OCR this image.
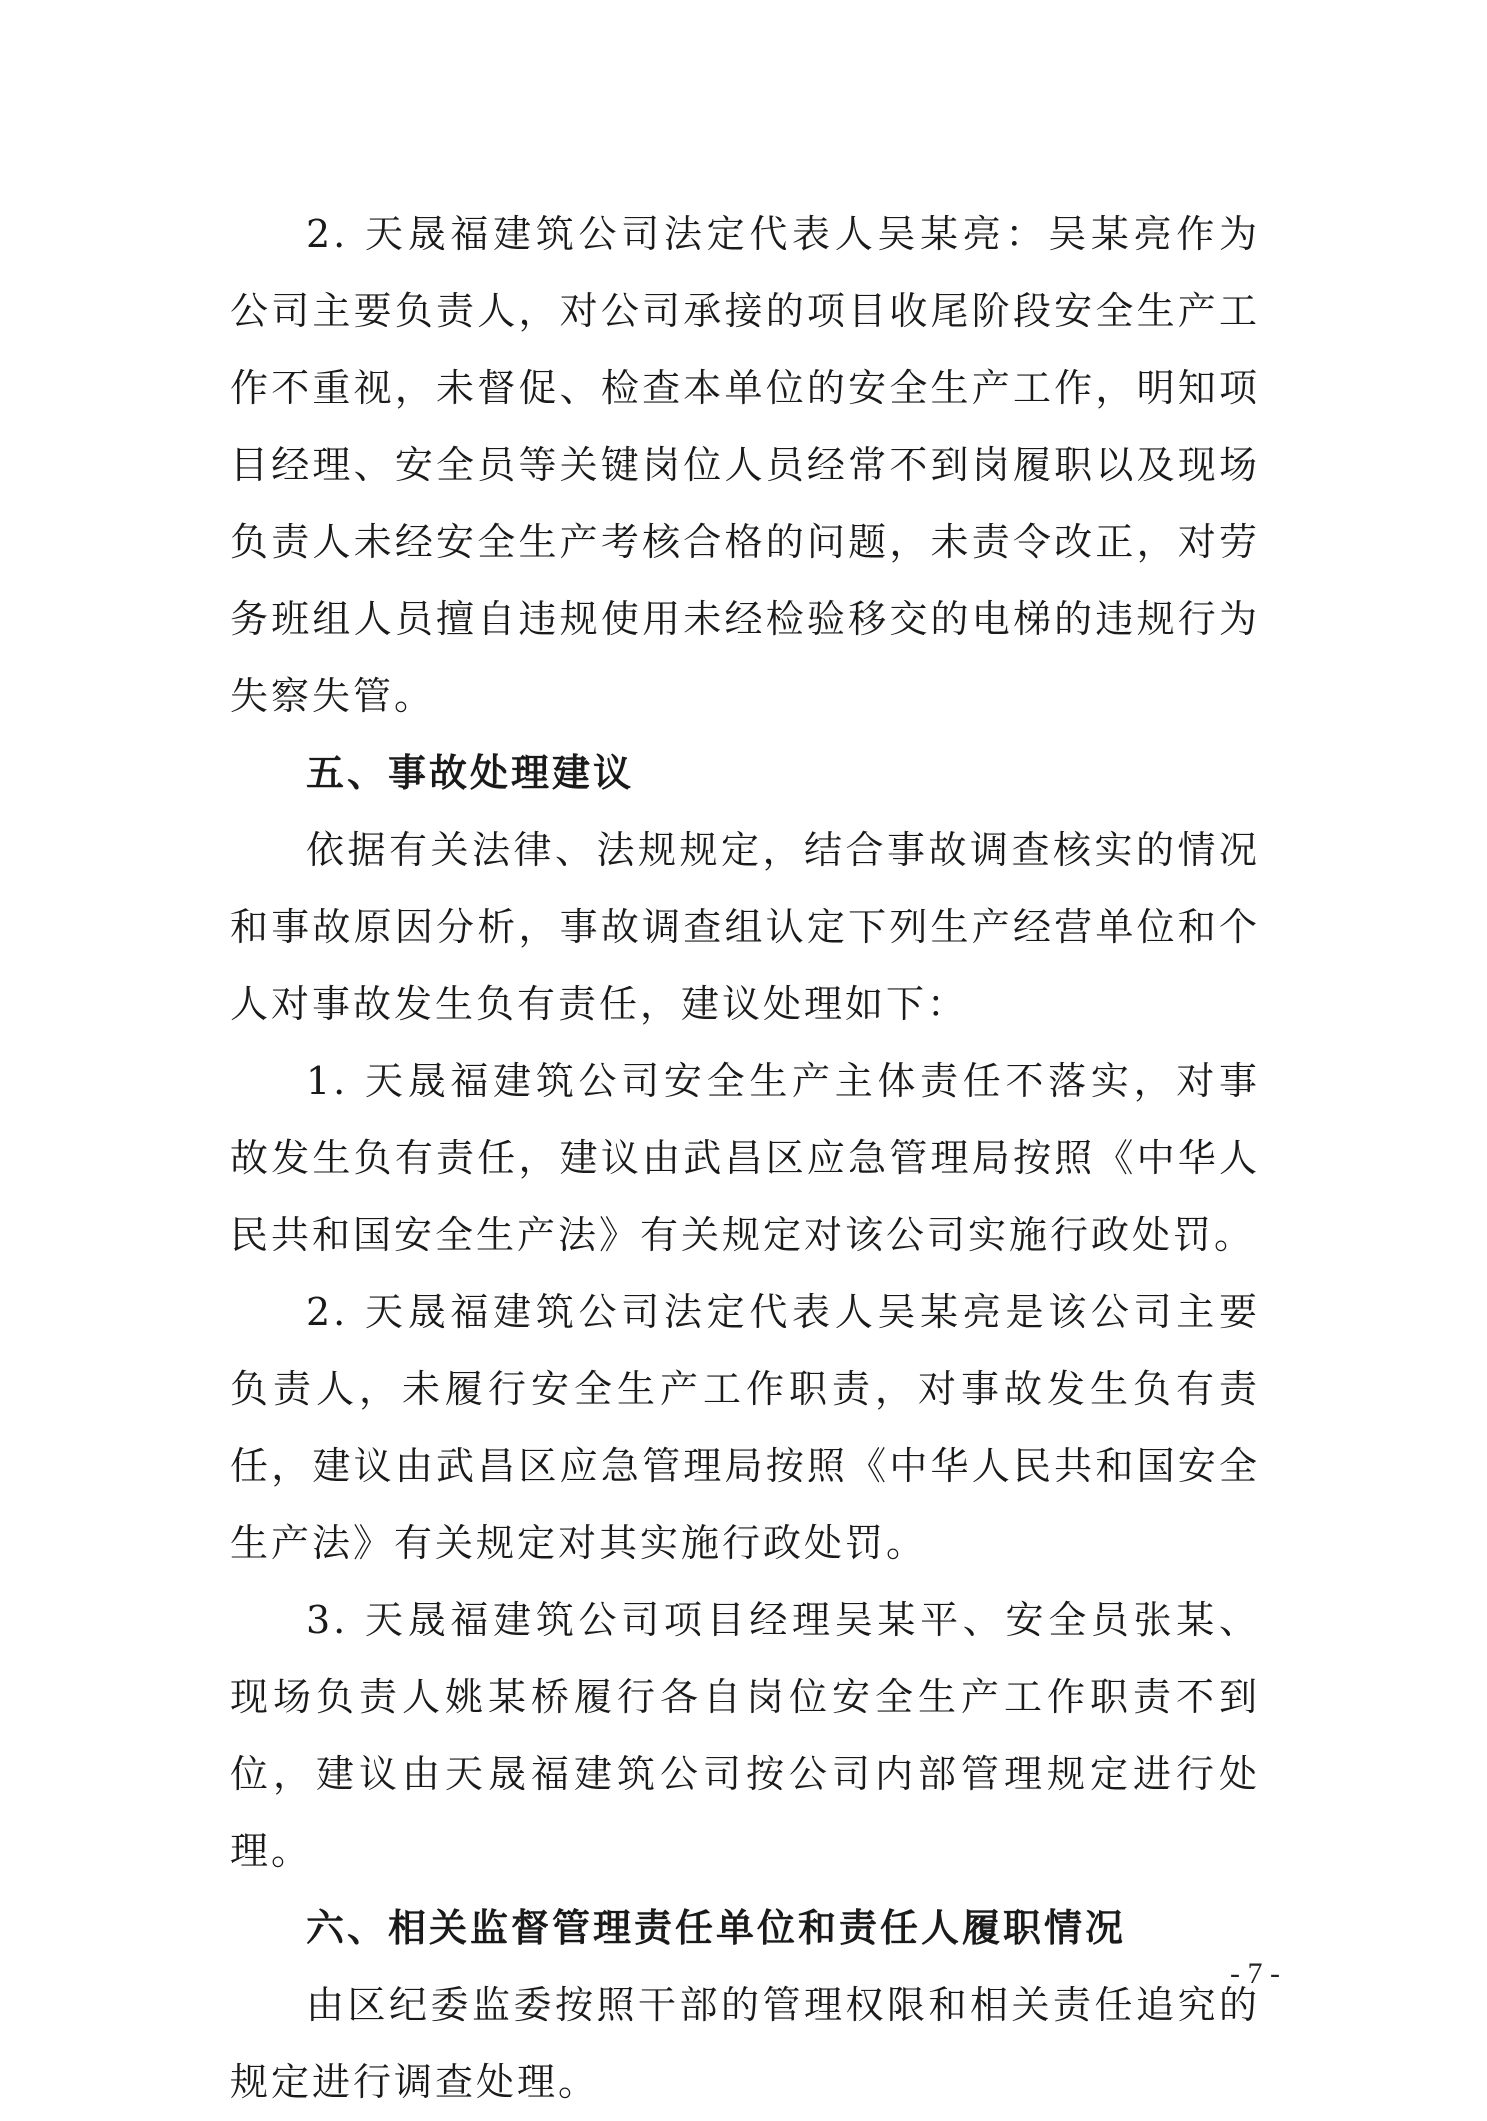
2. 天晟福建筑公司法定代表人吴某亮：吴某亮作为公司主要负责人，对公司承接的项目收尾阶段安全生产工作不重视，未督促、检查本单位的安全生产工作，明知项目经理、安全员等关键岗位人员经常不到岗履职以及现场负责人未经安全生产考核合格的问题，未责令改正，对劳务班组人员擅自违规使用未经检验移交的电梯的违规行为失察失管。

五、事故处理建议

依据有关法律、法规规定，结合事故调查核实的情况和事故原因分析，事故调查组认定下列生产经营单位和个人对事故发生负有责任，建议处理如下：

1. 天晟福建筑公司安全生产主体责任不落实，对事故发生负有责任，建议由武昌区应急管理局按照《中华人民共和国安全生产法》有关规定对该公司实施行政处罚。

2. 天晟福建筑公司法定代表人吴某亮是该公司主要负责人，未履行安全生产工作职责，对事故发生负有责任，建议由武昌区应急管理局按照《中华人民共和国安全生产法》有关规定对其实施行政处罚。

3. 天晟福建筑公司项目经理吴某平、安全员张某、现场负责人姚某桥履行各自岗位安全生产工作职责不到位，建议由天晟福建筑公司按公司内部管理规定进行处理。

六、相关监督管理责任单位和责任人履职情况

由区纪委监委按照干部的管理权限和相关责任追究的规定进行调查处理。

- 7 -
